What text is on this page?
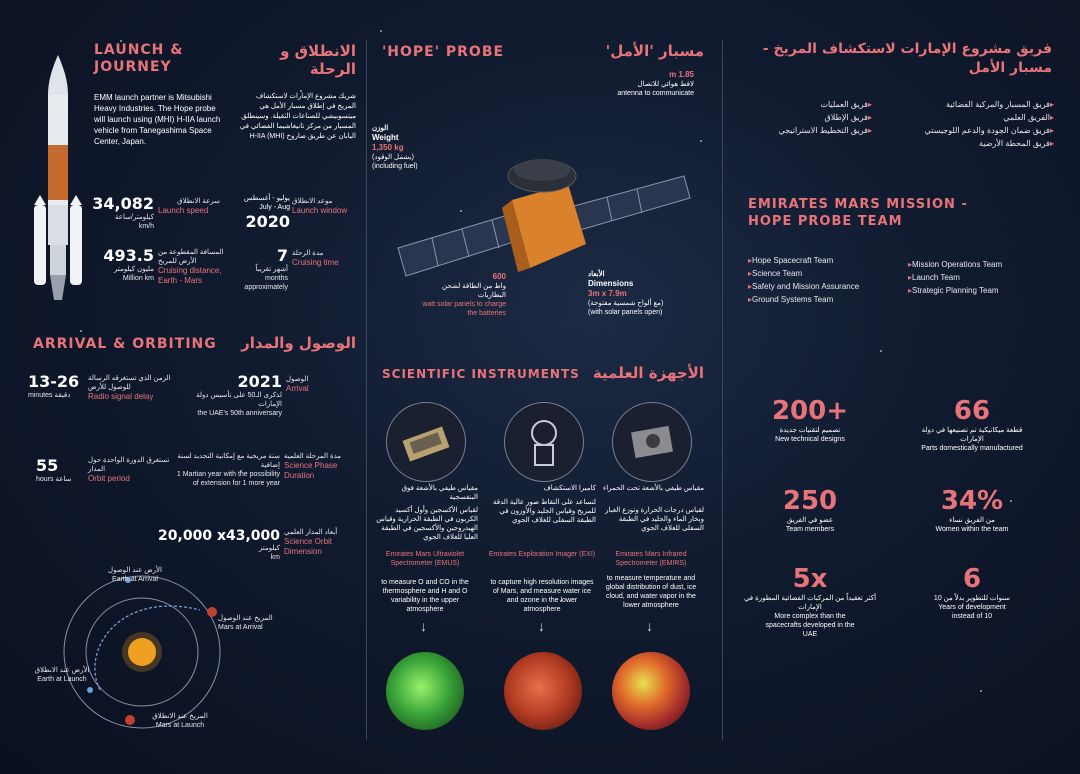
LAUNCH & JOURNEY
الانطلاق و الرحلة
EMM launch partner is Mitsubishi Heavy Industries. The Hope probe will launch using (MHI) H-IIA launch vehicle from Tanegashima Space Center, Japan.
شريك مشروع الإمارات لاستكشاف المريخ في إطلاق مسبار الأمل هي ميتسوبيشي للصناعات الثقيلة. وسينطلق المسبار من مركز تانيغاشيما الفضائي في اليابان عن طريق صاروخ H-IIA (MHI)
34,082
كيلومتر/ساعة
km/h
سرعة الانطلاق
Launch speed
يوليو - أغسطس
July - Aug
2020
موعد الانطلاق
Launch window
493.5
مليون كيلومتر
Million km
المسافة المقطوعة من الأرض للمريخ
Cruising distance, Earth - Mars
7
أشهر تقريباً
months approximately
مدة الرحلة
Cruising time
ARRIVAL & ORBITING	الوصول والمدار
13-26
minutes دقيقة
الزمن الذي تستغرقه الرسالة للوصول للأرض
Radio signal delay
2021
لذكرى الـ50 على تأسيس دولة الإمارات
the UAE's 50th anniversary
الوصول
Arrival
55
hours ساعة
تستغرق الدورة الواحدة حول المدار
Orbit period
سنة مريخية مع إمكانية التجديد لسنة إضافية
1 Martian year with the possibility of extension for 1 more year
مدة المرحلة العلمية
Science Phase Duration
20,000 x43,000
كيلومتر
km
أبعاد المدار العلمي
Science Orbit Dimension
الأرض عند الوصول
Earth at Arrival
المريخ عند الوصول
Mars at Arrival
الأرض عند الانطلاق
Earth at Launch
المريخ عند الانطلاق
Mars at Launch
'HOPE' PROBE	مسبار 'الأمل'
1.85 m
لاقط هوائي للاتصال
antenna to communicate
الوزن
Weight
1,350 kg
(يشمل الوقود)
(including fuel)
600
واط من الطاقة لشحن البطاريات
watt solar panels to charge the batteries
الأبعاد
Dimensions
3m x 7.9m
(مع ألواح شمسية مفتوحة)
(with solar panels open)
SCIENTIFIC INSTRUMENTS الأجهزة العلمية
مقياس طيفي بالأشعة فوق البنفسجية
لقياس الأكسجين وأول أكسيد الكربون في الطبقة الحرارية وقياس الهيدروجين والأكسجين في الطبقة العليا للغلاف الجوي
Emirates Mars Ultraviolet Spectrometer (EMUS)
to measure O and CO in the thermosphere and H and O variability in the upper atmosphere
↓
كاميرا الاستكشاف
لتساعد على التقاط صور عالية الدقة للمريخ وقياس الجليد والأوزون في الطبقة السفلى للغلاف الجوي
Emirates Exploration Imager (EXI)
to capture high resolution images of Mars, and measure water ice and ozone in the lower atmosphere
↓
مقياس طيفي بالأشعة تحت الحمراء
لقياس درجات الحرارة وتوزع الغبار وبخار الماء والجليد في الطبقة السفلى للغلاف الجوي
Emirates Mars Infrared Spectrometer (EMIRS)
to measure temperature and global distribution of dust, ice cloud, and water vapor in the lower atmosphere
↓
فريق مشروع الإمارات لاستكشاف المريخ - مسبار الأمل
▸ فريق المسبار والمركبة الفضائية
▸ الفريق العلمي
▸ فريق ضمان الجودة والدعم اللوجيستي
▸ فريق المحطة الأرضية
▸ فريق العمليات
▸ فريق الإطلاق
▸ فريق التخطيط الاستراتيجي
EMIRATES MARS MISSION - HOPE PROBE TEAM
▸ Hope Spacecraft Team
▸ Science Team
▸ Safety and Mission Assurance
▸ Ground Systems Team
▸ Mission Operations Team
▸ Launch Team
▸ Strategic Planning Team
200+
تصميم لتقنيات جديدة
New technical designs
66
قطعة ميكانيكية تم تصنيعها في دولة الإمارات
Parts domestically manufactured
250
عضو في الفريق
Team members
34%
من الفريق نساء
Women within the team
5x
أكثر تعقيداً من المركبات الفضائية المطورة في الإمارات
More complex than the spacecrafts developed in the UAE
6
سنوات للتطوير بدلاً من 10
Years of development instead of 10
